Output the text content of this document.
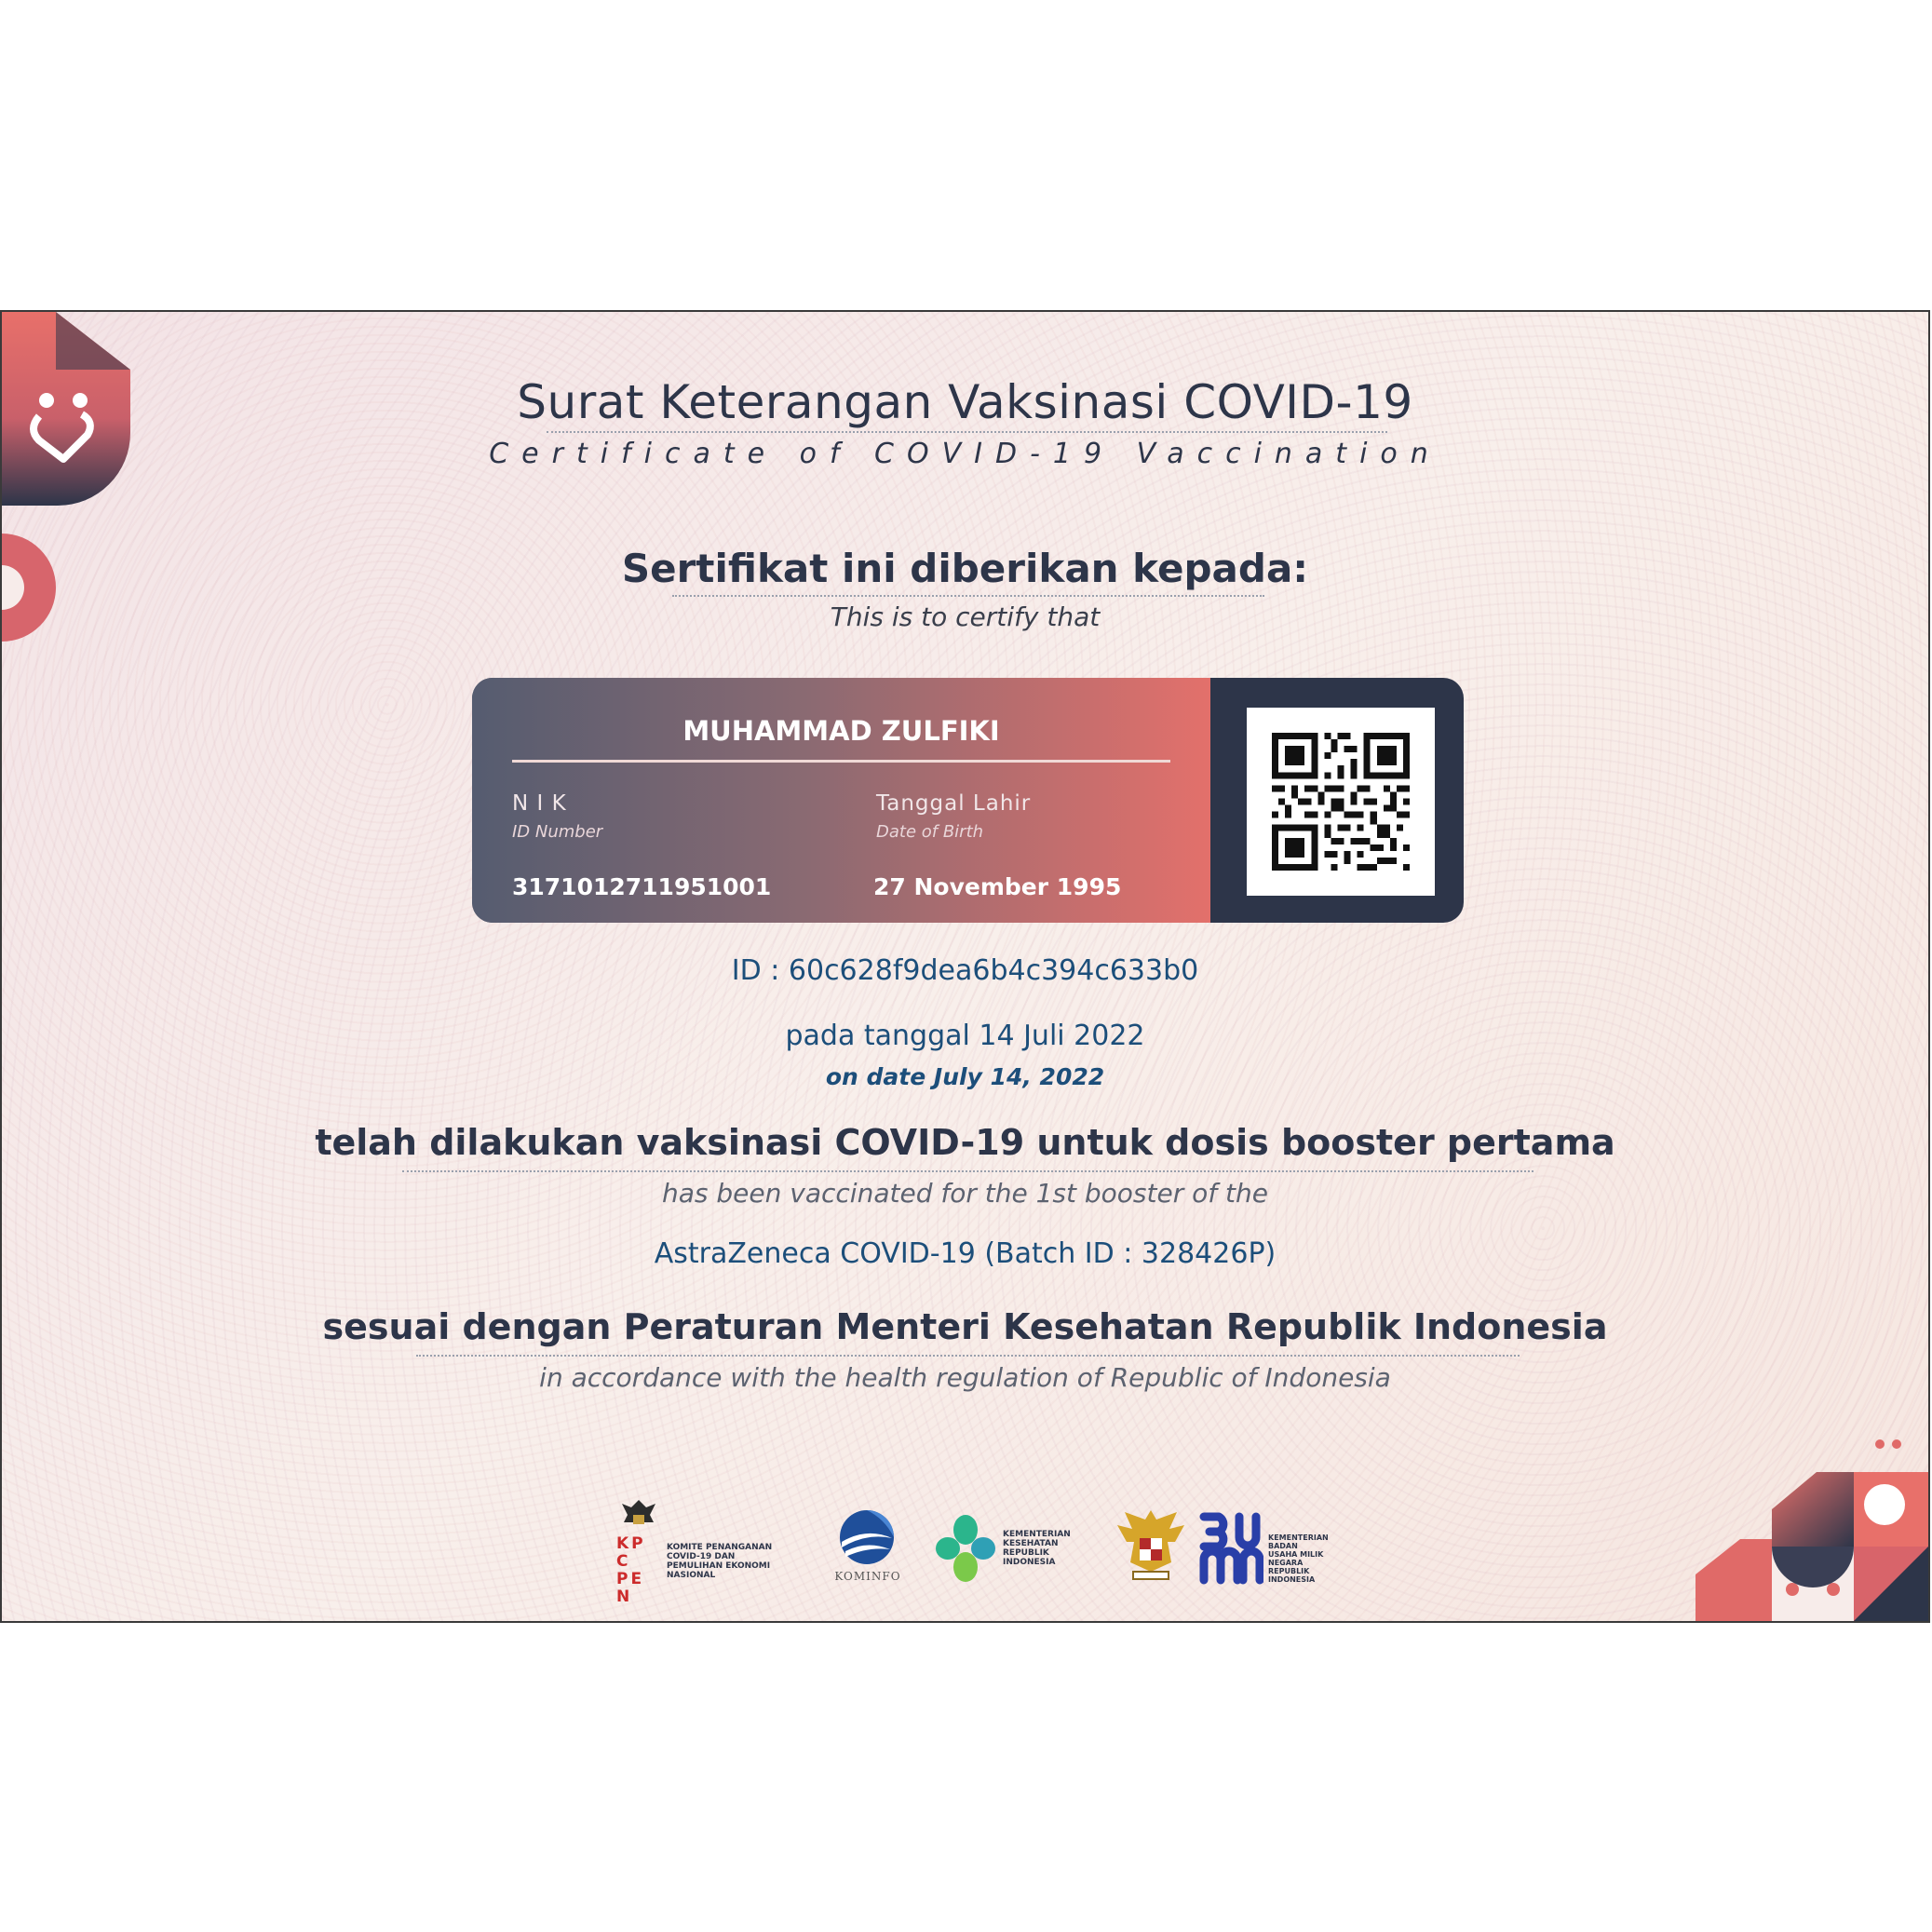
Surat Keterangan Vaksinasi COVID-19
Certificate of COVID-19 Vaccination
Sertifikat ini diberikan kepada:
This is to certify that
MUHAMMAD ZULFIKI
N I K
ID Number
3171012711951001
Tanggal Lahir
Date of Birth
27 November 1995
ID : 60c628f9dea6b4c394c633b0
pada tanggal 14 Juli 2022
on date July 14, 2022
telah dilakukan vaksinasi COVID-19 untuk dosis booster pertama
has been vaccinated for the 1st booster of the
AstraZeneca COVID-19 (Batch ID : 328426P)
sesuai dengan Peraturan Menteri Kesehatan Republik Indonesia
in accordance with the health regulation of Republic of Indonesia
KPC PEN
KOMITE PENANGANAN COVID-19 DAN PEMULIHAN EKONOMI NASIONAL	KOMINFO
KEMENTERIAN KESEHATAN REPUBLIK INDONESIA
KEMENTERIAN BADAN USAHA MILIK NEGARA REPUBLIK INDONESIA
